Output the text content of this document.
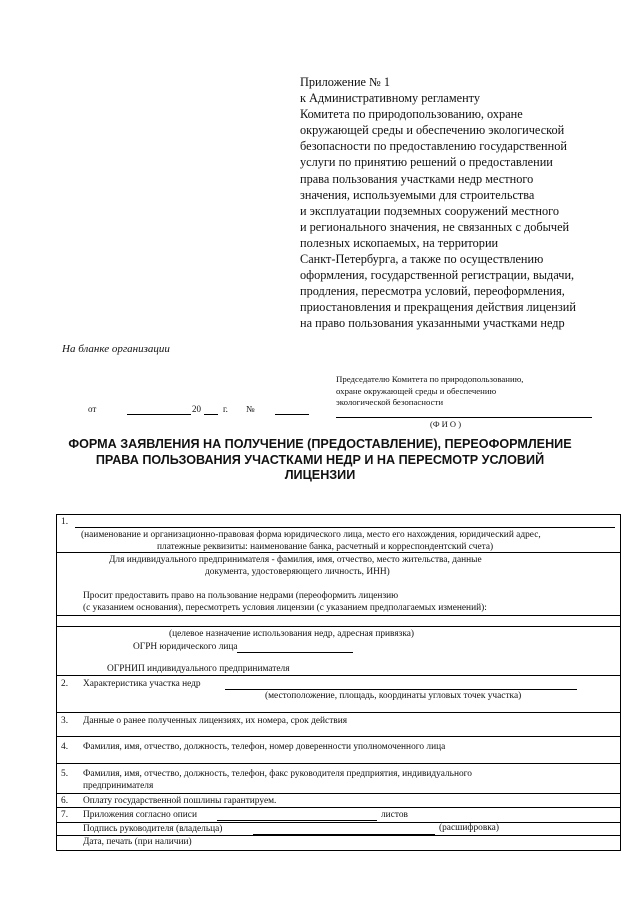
Приложение № 1
к Административному регламенту
Комитета по природопользованию, охране
окружающей среды и обеспечению экологической
безопасности по предоставлению государственной
услуги по принятию решений о предоставлении
права пользования участками недр местного
значения, используемыми для строительства
и эксплуатации подземных сооружений местного
и регионального значения, не связанных с добычей
полезных ископаемых, на территории
Санкт-Петербурга, а также по осуществлению
оформления, государственной регистрации, выдачи,
продления, пересмотра условий, переоформления,
приостановления и прекращения действия лицензий
на право пользования указанными участками недр
На бланке организации
Председателю Комитета по природопользованию,
охране окружающей среды и обеспечению
экологической безопасности
(Ф И О )
от	20 г. №
ФОРМА ЗАЯВЛЕНИЯ НА ПОЛУЧЕНИЕ (ПРЕДОСТАВЛЕНИЕ), ПЕРЕОФОРМЛЕНИЕ
ПРАВА ПОЛЬЗОВАНИЯ УЧАСТКАМИ НЕДР И НА ПЕРЕСМОТР УСЛОВИЙ
ЛИЦЕНЗИИ
1.
(наименование и организационно-правовая форма юридического лица, место его нахождения, юридический адрес,
платежные реквизиты: наименование банка, расчетный и корреспондентский счета)
Для индивидуального предпринимателя - фамилия, имя, отчество, место жительства, данные
документа, удостоверяющего личность, ИНН)
Просит предоставить право на пользование недрами (переоформить лицензию
(с указанием основания), пересмотреть условия лицензии (с указанием предполагаемых изменений):
(целевое назначение использования недр, адресная привязка)
ОГРН юридического лица
ОГРНИП индивидуального предпринимателя
2. Характеристика участка недр
(местоположение, площадь, координаты угловых точек участка)
3. Данные о ранее полученных лицензиях, их номера, срок действия
4. Фамилия, имя, отчество, должность, телефон, номер доверенности уполномоченного лица
5. Фамилия, имя, отчество, должность, телефон, факс руководителя предприятия, индивидуального
предпринимателя
6. Оплату государственной пошлины гарантируем.
7. Приложения согласно описи	листов
Подпись руководителя (владельца)	(расшифровка)
Дата, печать (при наличии)
